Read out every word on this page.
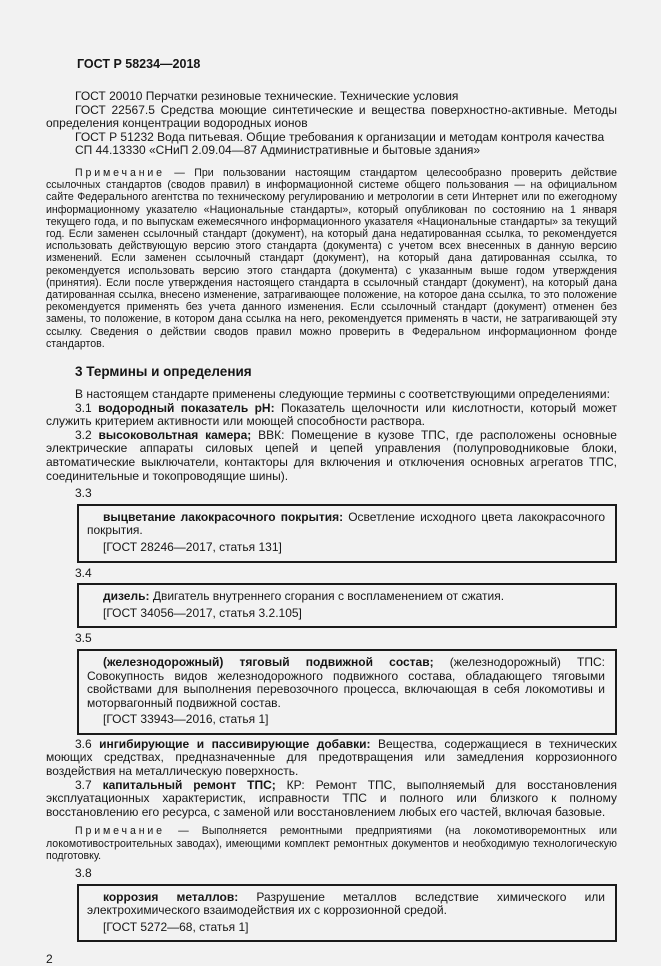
ГОСТ Р 58234—2018

ГОСТ 20010 Перчатки резиновые технические. Технические условия

ГОСТ 22567.5 Средства моющие синтетические и вещества поверхностно-активные. Методы определения концентрации водородных ионов

ГОСТ Р 51232 Вода питьевая. Общие требования к организации и методам контроля качества

СП 44.13330 «СНиП 2.09.04—87 Административные и бытовые здания»

Примечание — При пользовании настоящим стандартом целесообразно проверить действие ссылочных стандартов (сводов правил) в информационной системе общего пользования — на официальном сайте Федерального агентства по техническому регулированию и метрологии в сети Интернет или по ежегодному информационному указателю «Национальные стандарты», который опубликован по состоянию на 1 января текущего года, и по выпускам ежемесячного информационного указателя «Национальные стандарты» за текущий год. Если заменен ссылочный стандарт (документ), на который дана недатированная ссылка, то рекомендуется использовать действующую версию этого стандарта (документа) с учетом всех внесенных в данную версию изменений. Если заменен ссылочный стандарт (документ), на который дана датированная ссылка, то рекомендуется использовать версию этого стандарта (документа) с указанным выше годом утверждения (принятия). Если после утверждения настоящего стандарта в ссылочный стандарт (документ), на который дана датированная ссылка, внесено изменение, затрагивающее положение, на которое дана ссылка, то это положение рекомендуется применять без учета данного изменения. Если ссылочный стандарт (документ) отменен без замены, то положение, в котором дана ссылка на него, рекомендуется применять в части, не затрагивающей эту ссылку. Сведения о действии сводов правил можно проверить в Федеральном информационном фонде стандартов.

3 Термины и определения

В настоящем стандарте применены следующие термины с соответствующими определениями:

3.1 водородный показатель pH: Показатель щелочности или кислотности, который может служить критерием активности или моющей способности раствора.

3.2 высоковольтная камера; ВВК: Помещение в кузове ТПС, где расположены основные электрические аппараты силовых цепей и цепей управления (полупроводниковые блоки, автоматические выключатели, контакторы для включения и отключения основных агрегатов ТПС, соединительные и токопроводящие шины).

3.3

выцветание лакокрасочного покрытия: Осветление исходного цвета лакокрасочного покрытия.

[ГОСТ 28246—2017, статья 131]

3.4

дизель: Двигатель внутреннего сгорания с воспламенением от сжатия.

[ГОСТ 34056—2017, статья 3.2.105]

3.5

(железнодорожный) тяговый подвижной состав; (железнодорожный) ТПС: Совокупность видов железнодорожного подвижного состава, обладающего тяговыми свойствами для выполнения перевозочного процесса, включающая в себя локомотивы и моторвагонный подвижной состав.

[ГОСТ 33943—2016, статья 1]

3.6 ингибирующие и пассивирующие добавки: Вещества, содержащиеся в технических моющих средствах, предназначенные для предотвращения или замедления коррозионного воздействия на металлическую поверхность.

3.7 капитальный ремонт ТПС; КР: Ремонт ТПС, выполняемый для восстановления эксплуатационных характеристик, исправности ТПС и полного или близкого к полному восстановлению его ресурса, с заменой или восстановлением любых его частей, включая базовые.

Примечание — Выполняется ремонтными предприятиями (на локомотиворемонтных или локомотивостроительных заводах), имеющими комплект ремонтных документов и необходимую технологическую подготовку.

3.8

коррозия металлов: Разрушение металлов вследствие химического или электрохимического взаимодействия их с коррозионной средой.

[ГОСТ 5272—68, статья 1]

2
